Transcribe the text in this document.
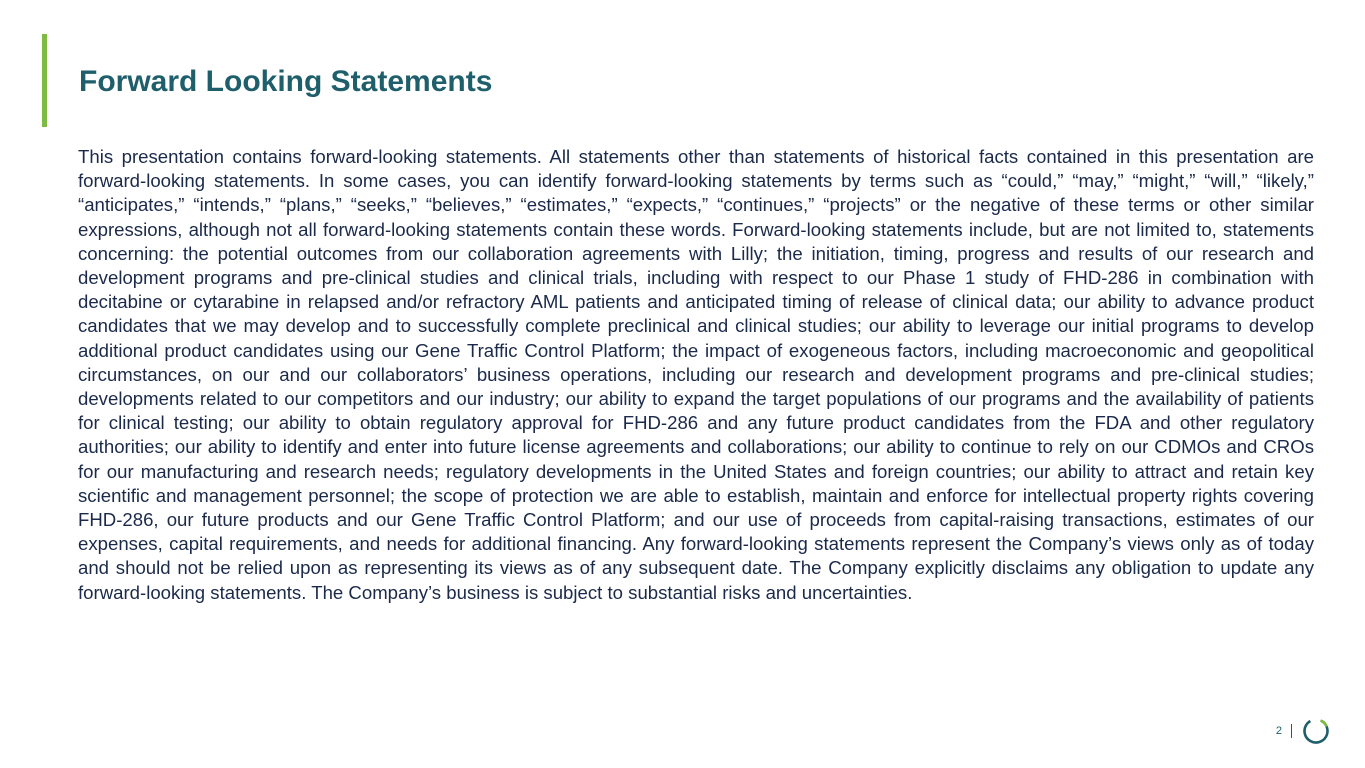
Forward Looking Statements

This presentation contains forward-looking statements. All statements other than statements of historical facts contained in this presentation are forward-looking statements. In some cases, you can identify forward-looking statements by terms such as “could,” “may,” “might,” “will,” “likely,” “anticipates,” “intends,” “plans,” “seeks,” “believes,” “estimates,” “expects,” “continues,” “projects” or the negative of these terms or other similar expressions, although not all forward-looking statements contain these words. Forward-looking statements include, but are not limited to, statements concerning: the potential outcomes from our collaboration agreements with Lilly; the initiation, timing, progress and results of our research and development programs and pre-clinical studies and clinical trials, including with respect to our Phase 1 study of FHD-286 in combination with decitabine or cytarabine in relapsed and/or refractory AML patients and anticipated timing of release of clinical data; our ability to advance product candidates that we may develop and to successfully complete preclinical and clinical studies; our ability to leverage our initial programs to develop additional product candidates using our Gene Traffic Control Platform; the impact of exogeneous factors, including macroeconomic and geopolitical circumstances, on our and our collaborators’ business operations, including our research and development programs and pre-clinical studies; developments related to our competitors and our industry; our ability to expand the target populations of our programs and the availability of patients for clinical testing; our ability to obtain regulatory approval for FHD-286 and any future product candidates from the FDA and other regulatory authorities; our ability to identify and enter into future license agreements and collaborations; our ability to continue to rely on our CDMOs and CROs for our manufacturing and research needs; regulatory developments in the United States and foreign countries; our ability to attract and retain key scientific and management personnel; the scope of protection we are able to establish, maintain and enforce for intellectual property rights covering FHD-286, our future products and our Gene Traffic Control Platform; and our use of proceeds from capital-raising transactions, estimates of our expenses, capital requirements, and needs for additional financing. Any forward-looking statements represent the Company’s views only as of today and should not be relied upon as representing its views as of any subsequent date. The Company explicitly disclaims any obligation to update any forward-looking statements. The Company’s business is subject to substantial risks and uncertainties.

2
